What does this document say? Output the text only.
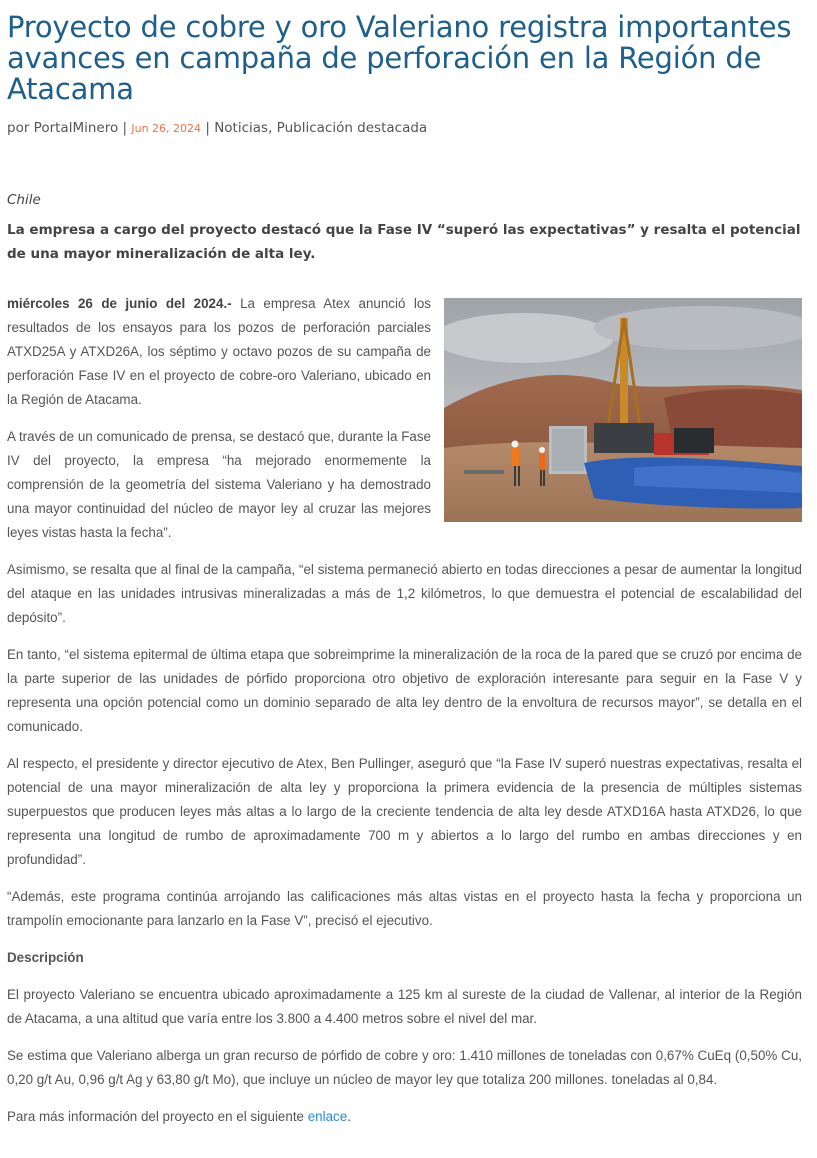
Proyecto de cobre y oro Valeriano registra importantes avances en campaña de perforación en la Región de Atacama
por PortalMinero | Jun 26, 2024 | Noticias, Publicación destacada
Chile
La empresa a cargo del proyecto destacó que la Fase IV “superó las expectativas” y resalta el potencial de una mayor mineralización de alta ley.

miércoles 26 de junio del 2024.- La empresa Atex anunció los resultados de los ensayos para los pozos de perforación parciales ATXD25A y ATXD26A, los séptimo y octavo pozos de su campaña de perforación Fase IV en el proyecto de cobre-oro Valeriano, ubicado en la Región de Atacama.

A través de un comunicado de prensa, se destacó que, durante la Fase IV del proyecto, la empresa “ha mejorado enormemente la comprensión de la geometría del sistema Valeriano y ha demostrado una mayor continuidad del núcleo de mayor ley al cruzar las mejores leyes vistas hasta la fecha”.

Asimismo, se resalta que al final de la campaña, “el sistema permaneció abierto en todas direcciones a pesar de aumentar la longitud del ataque en las unidades intrusivas mineralizadas a más de 1,2 kilómetros, lo que demuestra el potencial de escalabilidad del depósito”.

En tanto, “el sistema epitermal de última etapa que sobreimprime la mineralización de la roca de la pared que se cruzó por encima de la parte superior de las unidades de pórfido proporciona otro objetivo de exploración interesante para seguir en la Fase V y representa una opción potencial como un dominio separado de alta ley dentro de la envoltura de recursos mayor”, se detalla en el comunicado.

Al respecto, el presidente y director ejecutivo de Atex, Ben Pullinger, aseguró que “la Fase IV superó nuestras expectativas, resalta el potencial de una mayor mineralización de alta ley y proporciona la primera evidencia de la presencia de múltiples sistemas superpuestos que producen leyes más altas a lo largo de la creciente tendencia de alta ley desde ATXD16A hasta ATXD26, lo que representa una longitud de rumbo de aproximadamente 700 m y abiertos a lo largo del rumbo en ambas direcciones y en profundidad”.

“Además, este programa continúa arrojando las calificaciones más altas vistas en el proyecto hasta la fecha y proporciona un trampolín emocionante para lanzarlo en la Fase V”, precisó el ejecutivo.

Descripción

El proyecto Valeriano se encuentra ubicado aproximadamente a 125 km al sureste de la ciudad de Vallenar, al interior de la Región de Atacama, a una altitud que varía entre los 3.800 a 4.400 metros sobre el nivel del mar.

Se estima que Valeriano alberga un gran recurso de pórfido de cobre y oro: 1.410 millones de toneladas con 0,67% CuEq (0,50% Cu, 0,20 g/t Au, 0,96 g/t Ag y 63,80 g/t Mo), que incluye un núcleo de mayor ley que totaliza 200 millones. toneladas al 0,84.

Para más información del proyecto en el siguiente enlace.
